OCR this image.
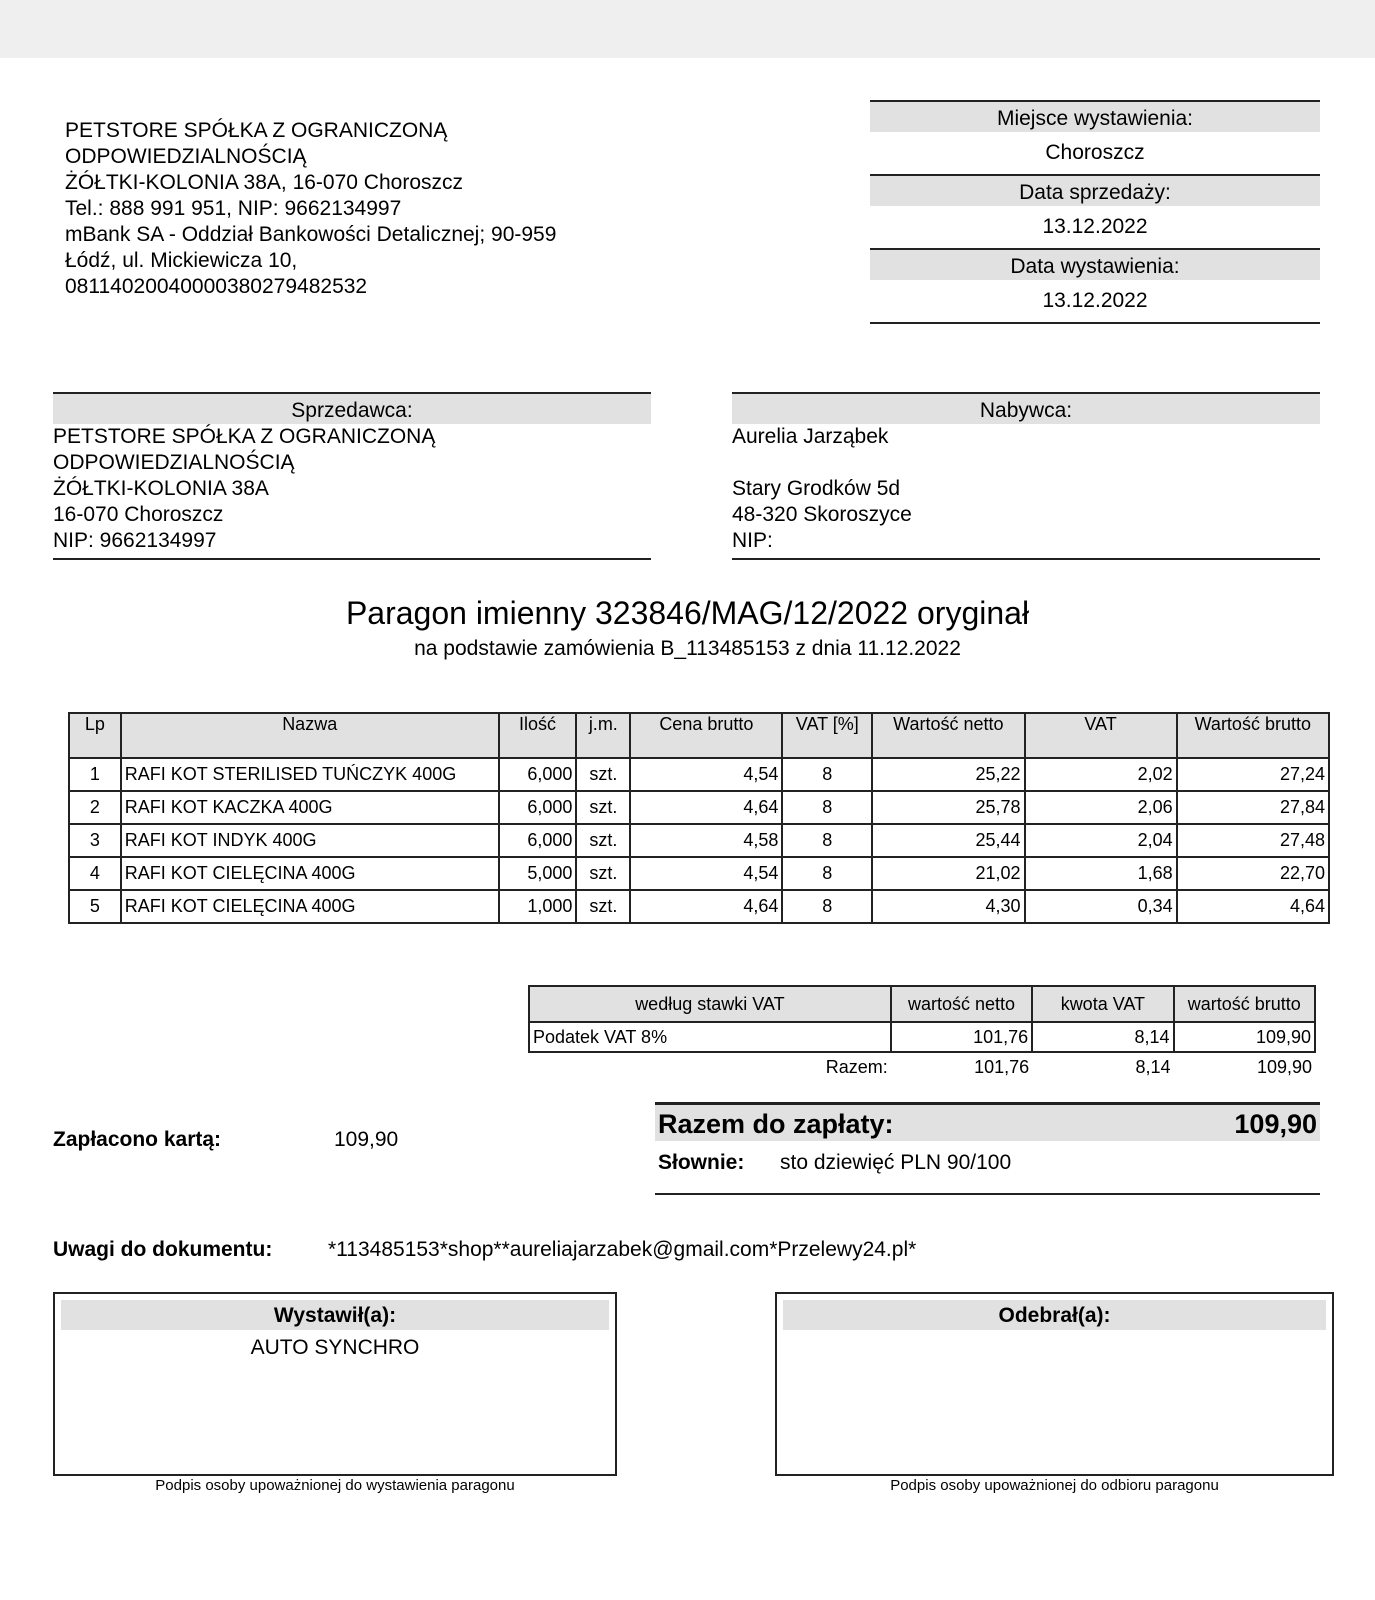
PETSTORE SPÓŁKA Z OGRANICZONĄ
ODPOWIEDZIALNOŚCIĄ
ŻÓŁTKI-KOLONIA 38A, 16-070 Choroszcz
Tel.: 888 991 951, NIP: 9662134997
mBank SA - Oddział Bankowości Detalicznej; 90-959
Łódź, ul. Mickiewicza 10,
08114020040000380279482532
Miejsce wystawienia:
Choroszcz
Data sprzedaży:
13.12.2022
Data wystawienia:
13.12.2022
Sprzedawca:
PETSTORE SPÓŁKA Z OGRANICZONĄ
ODPOWIEDZIALNOŚCIĄ
ŻÓŁTKI-KOLONIA 38A
16-070 Choroszcz
NIP: 9662134997
Nabywca:
Aurelia Jarząbek
Stary Grodków 5d
48-320 Skoroszyce
NIP:
Paragon imienny 323846/MAG/12/2022 oryginał
na podstawie zamówienia B_113485153 z dnia 11.12.2022
Lp	Nazwa	Ilość	j.m.	Cena brutto	VAT [%]	Wartość netto	VAT	Wartość brutto
1	RAFI KOT STERILISED TUŃCZYK 400G	6,000	szt.	4,54	8	25,22	2,02	27,24
2	RAFI KOT KACZKA 400G	6,000	szt.	4,64	8	25,78	2,06	27,84
3	RAFI KOT INDYK 400G	6,000	szt.	4,58	8	25,44	2,04	27,48
4	RAFI KOT CIELĘCINA 400G	5,000	szt.	4,54	8	21,02	1,68	22,70
5	RAFI KOT CIELĘCINA 400G	1,000	szt.	4,64	8	4,30	0,34	4,64
według stawki VAT	wartość netto	kwota VAT	wartość brutto
Podatek VAT 8%	101,76	8,14	109,90
Razem:	101,76	8,14	109,90
Zapłacono kartą:	109,90
Razem do zapłaty:	109,90
Słownie: sto dziewięć PLN 90/100
Uwagi do dokumentu:	*113485153*shop**aureliajarzabek@gmail.com*Przelewy24.pl*
Wystawił(a):
AUTO SYNCHRO
Podpis osoby upoważnionej do wystawienia paragonu
Odebrał(a):
Podpis osoby upoważnionej do odbioru paragonu
